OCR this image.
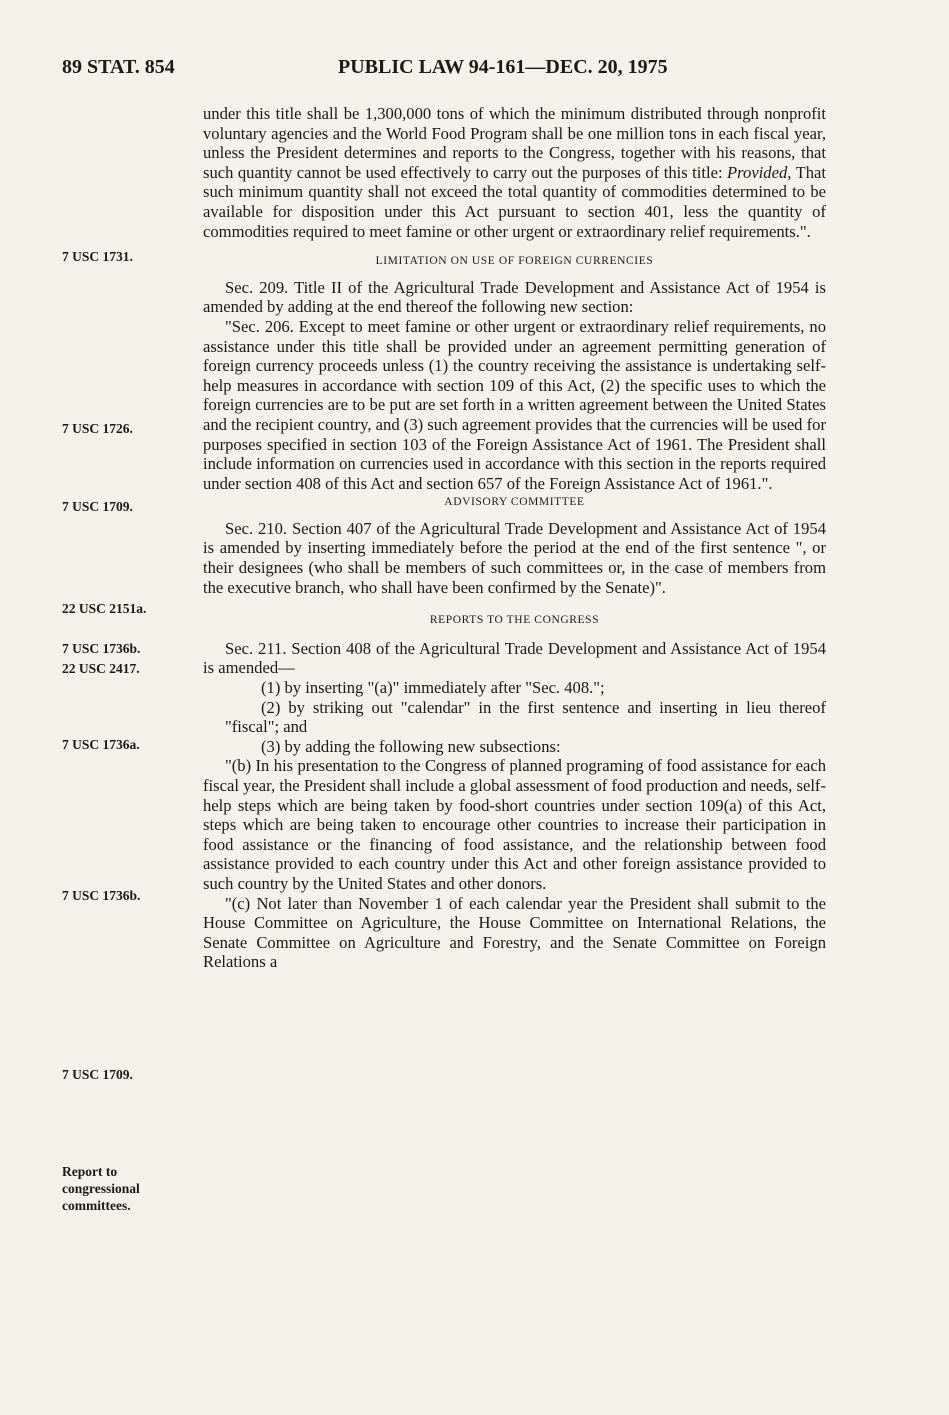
89 STAT. 854	PUBLIC LAW 94-161—DEC. 20, 1975
7 USC 1731.
7 USC 1726.
7 USC 1709.
22 USC 2151a.
7 USC 1736b.
22 USC 2417.
7 USC 1736a.
7 USC 1736b.
7 USC 1709.
Report to congressional committees.

under this title shall be 1,300,000 tons of which the minimum distributed through nonprofit voluntary agencies and the World Food Program shall be one million tons in each fiscal year, unless the President determines and reports to the Congress, together with his reasons, that such quantity cannot be used effectively to carry out the purposes of this title: Provided, That such minimum quantity shall not exceed the total quantity of commodities determined to be available for disposition under this Act pursuant to section 401, less the quantity of commodities required to meet famine or other urgent or extraordinary relief requirements.".

LIMITATION ON USE OF FOREIGN CURRENCIES

Sec. 209. Title II of the Agricultural Trade Development and Assistance Act of 1954 is amended by adding at the end thereof the following new section:

"Sec. 206. Except to meet famine or other urgent or extraordinary relief requirements, no assistance under this title shall be provided under an agreement permitting generation of foreign currency proceeds unless (1) the country receiving the assistance is undertaking self-help measures in accordance with section 109 of this Act, (2) the specific uses to which the foreign currencies are to be put are set forth in a written agreement between the United States and the recipient country, and (3) such agreement provides that the currencies will be used for purposes specified in section 103 of the Foreign Assistance Act of 1961. The President shall include information on currencies used in accordance with this section in the reports required under section 408 of this Act and section 657 of the Foreign Assistance Act of 1961.".

ADVISORY COMMITTEE

Sec. 210. Section 407 of the Agricultural Trade Development and Assistance Act of 1954 is amended by inserting immediately before the period at the end of the first sentence ", or their designees (who shall be members of such committees or, in the case of members from the executive branch, who shall have been confirmed by the Senate)".

REPORTS TO THE CONGRESS

Sec. 211. Section 408 of the Agricultural Trade Development and Assistance Act of 1954 is amended—

(1) by inserting "(a)" immediately after "Sec. 408.";

(2) by striking out "calendar" in the first sentence and inserting in lieu thereof "fiscal"; and

(3) by adding the following new subsections:

"(b) In his presentation to the Congress of planned programing of food assistance for each fiscal year, the President shall include a global assessment of food production and needs, self-help steps which are being taken by food-short countries under section 109(a) of this Act, steps which are being taken to encourage other countries to increase their participation in food assistance or the financing of food assistance, and the relationship between food assistance provided to each country under this Act and other foreign assistance provided to such country by the United States and other donors.

"(c) Not later than November 1 of each calendar year the President shall submit to the House Committee on Agriculture, the House Committee on International Relations, the Senate Committee on Agriculture and Forestry, and the Senate Committee on Foreign Relations a
